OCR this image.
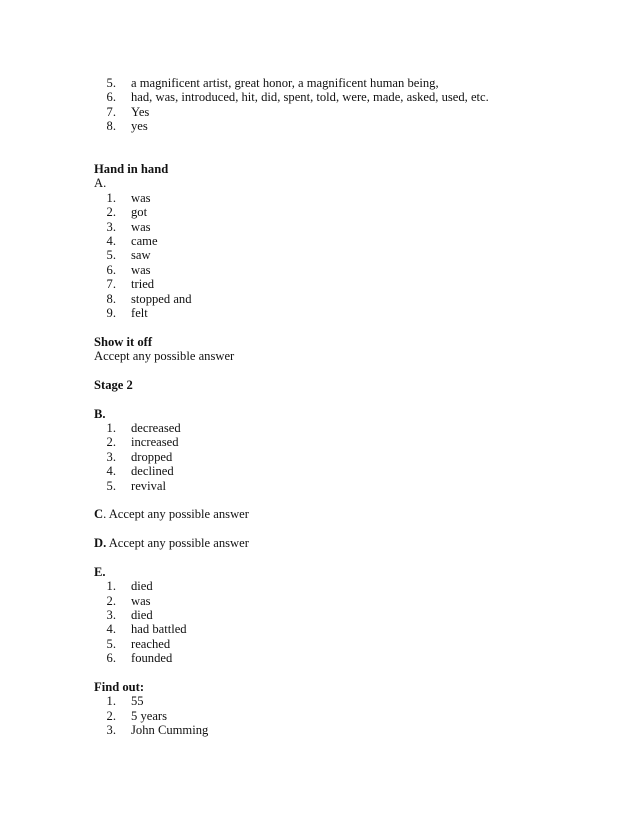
5. a magnificent artist, great honor, a magnificent human being,
6. had, was, introduced, hit, did, spent, told, were, made, asked, used, etc.
7. Yes
8. yes
Hand in hand
A.
1. was
2. got
3. was
4. came
5. saw
6. was
7. tried
8. stopped and
9. felt
Show it off
Accept any possible answer
Stage 2
B.
1. decreased
2. increased
3. dropped
4. declined
5. revival
C. Accept any possible answer
D. Accept any possible answer
E.
1. died
2. was
3. died
4. had battled
5. reached
6. founded
Find out:
1. 55
2. 5 years
3. John Cumming
